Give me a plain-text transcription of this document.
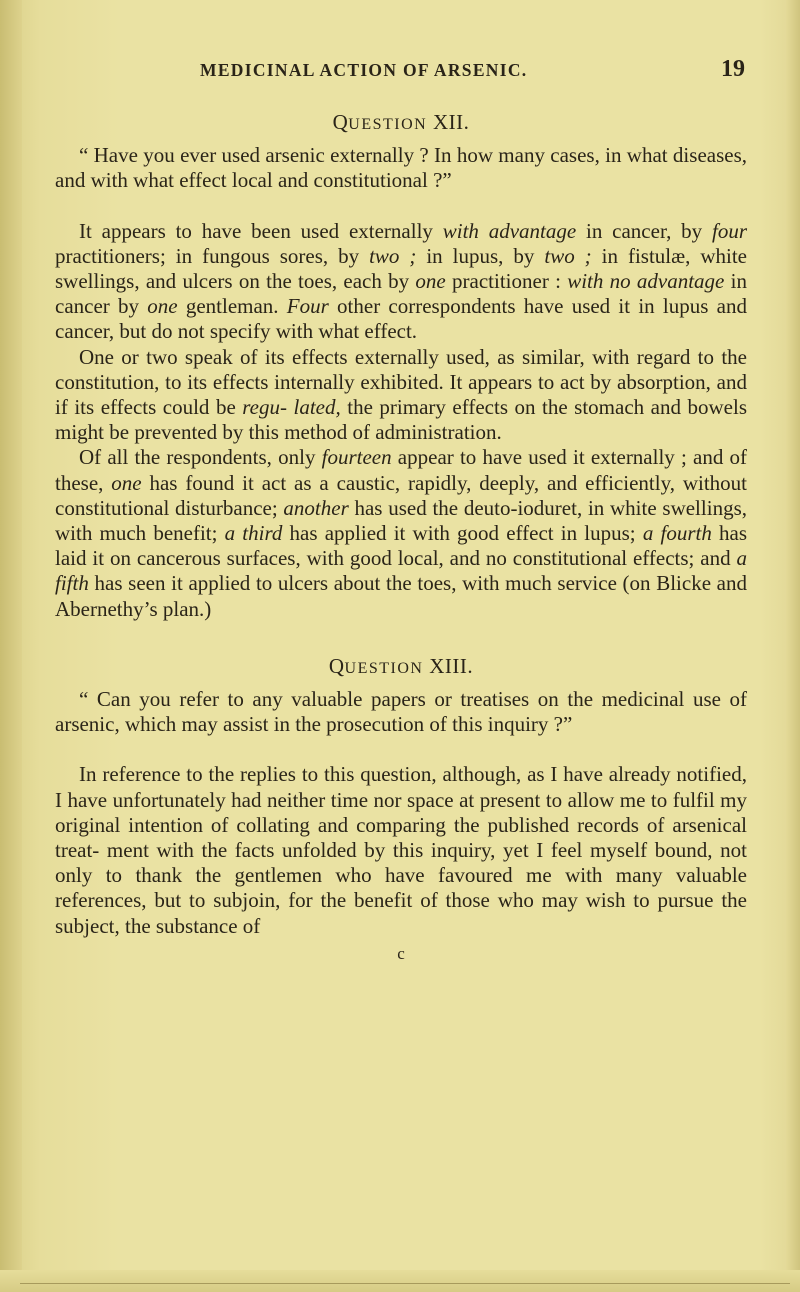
MEDICINAL ACTION OF ARSENIC.	19
QUESTION XII.

“ Have you ever used arsenic externally ? In how many cases, in what diseases, and with what effect local and constitutional ?”

It appears to have been used externally with advantage in cancer, by four practitioners; in fungous sores, by two ; in lupus, by two ; in fistulæ, white swellings, and ulcers on the toes, each by one practitioner : with no advantage in cancer by one gentleman. Four other correspondents have used it in lupus and cancer, but do not specify with what effect.

One or two speak of its effects externally used, as similar, with regard to the constitution, to its effects internally exhibited. It appears to act by absorption, and if its effects could be regu- lated, the primary effects on the stomach and bowels might be prevented by this method of administration.

Of all the respondents, only fourteen appear to have used it externally ; and of these, one has found it act as a caustic, rapidly, deeply, and efficiently, without constitutional disturbance; another has used the deuto-ioduret, in white swellings, with much benefit; a third has applied it with good effect in lupus; a fourth has laid it on cancerous surfaces, with good local, and no constitutional effects; and a fifth has seen it applied to ulcers about the toes, with much service (on Blicke and Abernethy’s plan.)

QUESTION XIII.

“ Can you refer to any valuable papers or treatises on the medicinal use of arsenic, which may assist in the prosecution of this inquiry ?”

In reference to the replies to this question, although, as I have already notified, I have unfortunately had neither time nor space at present to allow me to fulfil my original intention of collating and comparing the published records of arsenical treat- ment with the facts unfolded by this inquiry, yet I feel myself bound, not only to thank the gentlemen who have favoured me with many valuable references, but to subjoin, for the benefit of those who may wish to pursue the subject, the substance of

c
